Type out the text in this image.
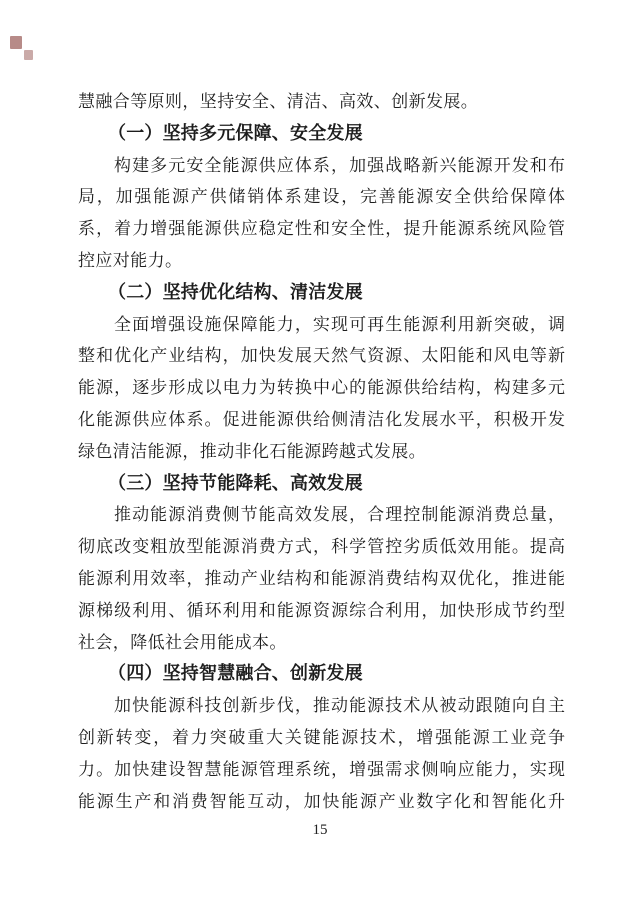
慧融合等原则，坚持安全、清洁、高效、创新发展。
（一）坚持多元保障、安全发展
构建多元安全能源供应体系，加强战略新兴能源开发和布
局，加强能源产供储销体系建设，完善能源安全供给保障体
系，着力增强能源供应稳定性和安全性，提升能源系统风险管
控应对能力。
（二）坚持优化结构、清洁发展
全面增强设施保障能力，实现可再生能源利用新突破，调
整和优化产业结构，加快发展天然气资源、太阳能和风电等新
能源，逐步形成以电力为转换中心的能源供给结构，构建多元
化能源供应体系。促进能源供给侧清洁化发展水平，积极开发
绿色清洁能源，推动非化石能源跨越式发展。
（三）坚持节能降耗、高效发展
推动能源消费侧节能高效发展，合理控制能源消费总量，
彻底改变粗放型能源消费方式，科学管控劣质低效用能。提高
能源利用效率，推动产业结构和能源消费结构双优化，推进能
源梯级利用、循环利用和能源资源综合利用，加快形成节约型
社会，降低社会用能成本。
（四）坚持智慧融合、创新发展
加快能源科技创新步伐，推动能源技术从被动跟随向自主
创新转变，着力突破重大关键能源技术，增强能源工业竞争
力。加快建设智慧能源管理系统，增强需求侧响应能力，实现
能源生产和消费智能互动，加快能源产业数字化和智能化升
15
